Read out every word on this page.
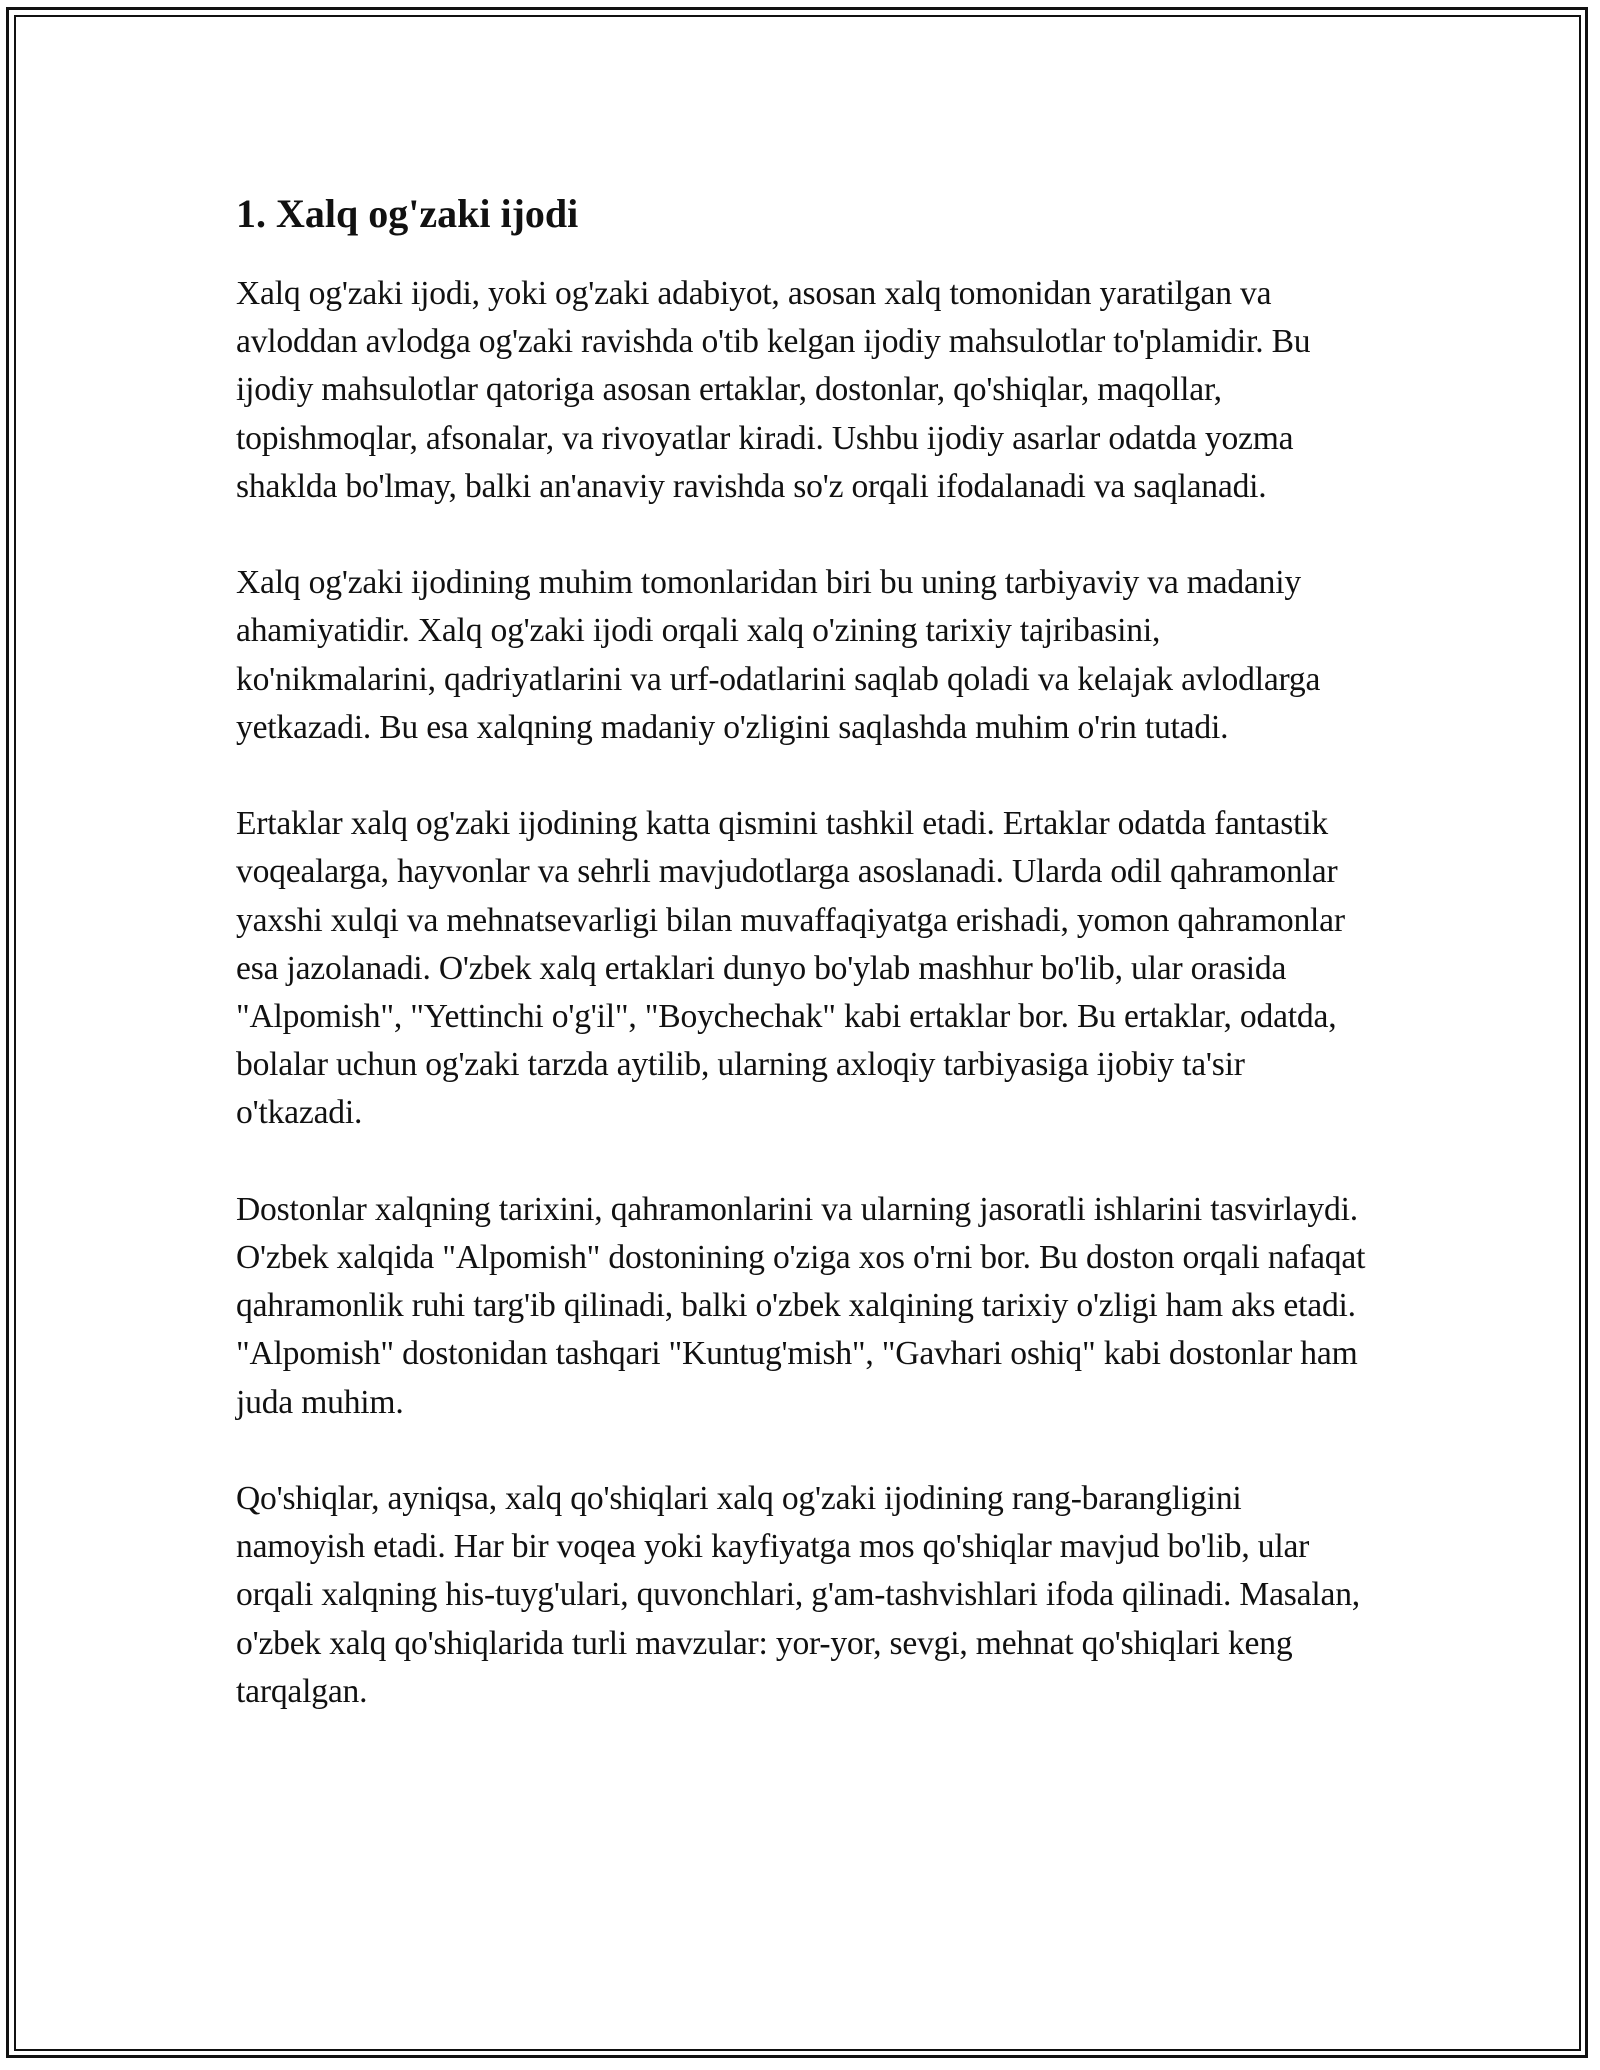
1. Xalq og'zaki ijodi

Xalq og'zaki ijodi, yoki og'zaki adabiyot, asosan xalq tomonidan yaratilgan va avloddan avlodga og'zaki ravishda o'tib kelgan ijodiy mahsulotlar to'plamidir. Bu ijodiy mahsulotlar qatoriga asosan ertaklar, dostonlar, qo'shiqlar, maqollar, topishmoqlar, afsonalar, va rivoyatlar kiradi. Ushbu ijodiy asarlar odatda yozma shaklda bo'lmay, balki an'anaviy ravishda so'z orqali ifodalanadi va saqlanadi.

Xalq og'zaki ijodining muhim tomonlaridan biri bu uning tarbiyaviy va madaniy ahamiyatidir. Xalq og'zaki ijodi orqali xalq o'zining tarixiy tajribasini, ko'nikmalarini, qadriyatlarini va urf-odatlarini saqlab qoladi va kelajak avlodlarga yetkazadi. Bu esa xalqning madaniy o'zligini saqlashda muhim o'rin tutadi.

Ertaklar xalq og'zaki ijodining katta qismini tashkil etadi. Ertaklar odatda fantastik voqealarga, hayvonlar va sehrli mavjudotlarga asoslanadi. Ularda odil qahramonlar yaxshi xulqi va mehnatsevarligi bilan muvaffaqiyatga erishadi, yomon qahramonlar esa jazolanadi. O'zbek xalq ertaklari dunyo bo'ylab mashhur bo'lib, ular orasida "Alpomish", "Yettinchi o'g'il", "Boychechak" kabi ertaklar bor. Bu ertaklar, odatda, bolalar uchun og'zaki tarzda aytilib, ularning axloqiy tarbiyasiga ijobiy ta'sir o'tkazadi.

Dostonlar xalqning tarixini, qahramonlarini va ularning jasoratli ishlarini tasvirlaydi. O'zbek xalqida "Alpomish" dostonining o'ziga xos o'rni bor. Bu doston orqali nafaqat qahramonlik ruhi targ'ib qilinadi, balki o'zbek xalqining tarixiy o'zligi ham aks etadi. "Alpomish" dostonidan tashqari "Kuntug'mish", "Gavhari oshiq" kabi dostonlar ham juda muhim.

Qo'shiqlar, ayniqsa, xalq qo'shiqlari xalq og'zaki ijodining rang-barangligini namoyish etadi. Har bir voqea yoki kayfiyatga mos qo'shiqlar mavjud bo'lib, ular orqali xalqning his-tuyg'ulari, quvonchlari, g'am-tashvishlari ifoda qilinadi. Masalan, o'zbek xalq qo'shiqlarida turli mavzular: yor-yor, sevgi, mehnat qo'shiqlari keng tarqalgan.
